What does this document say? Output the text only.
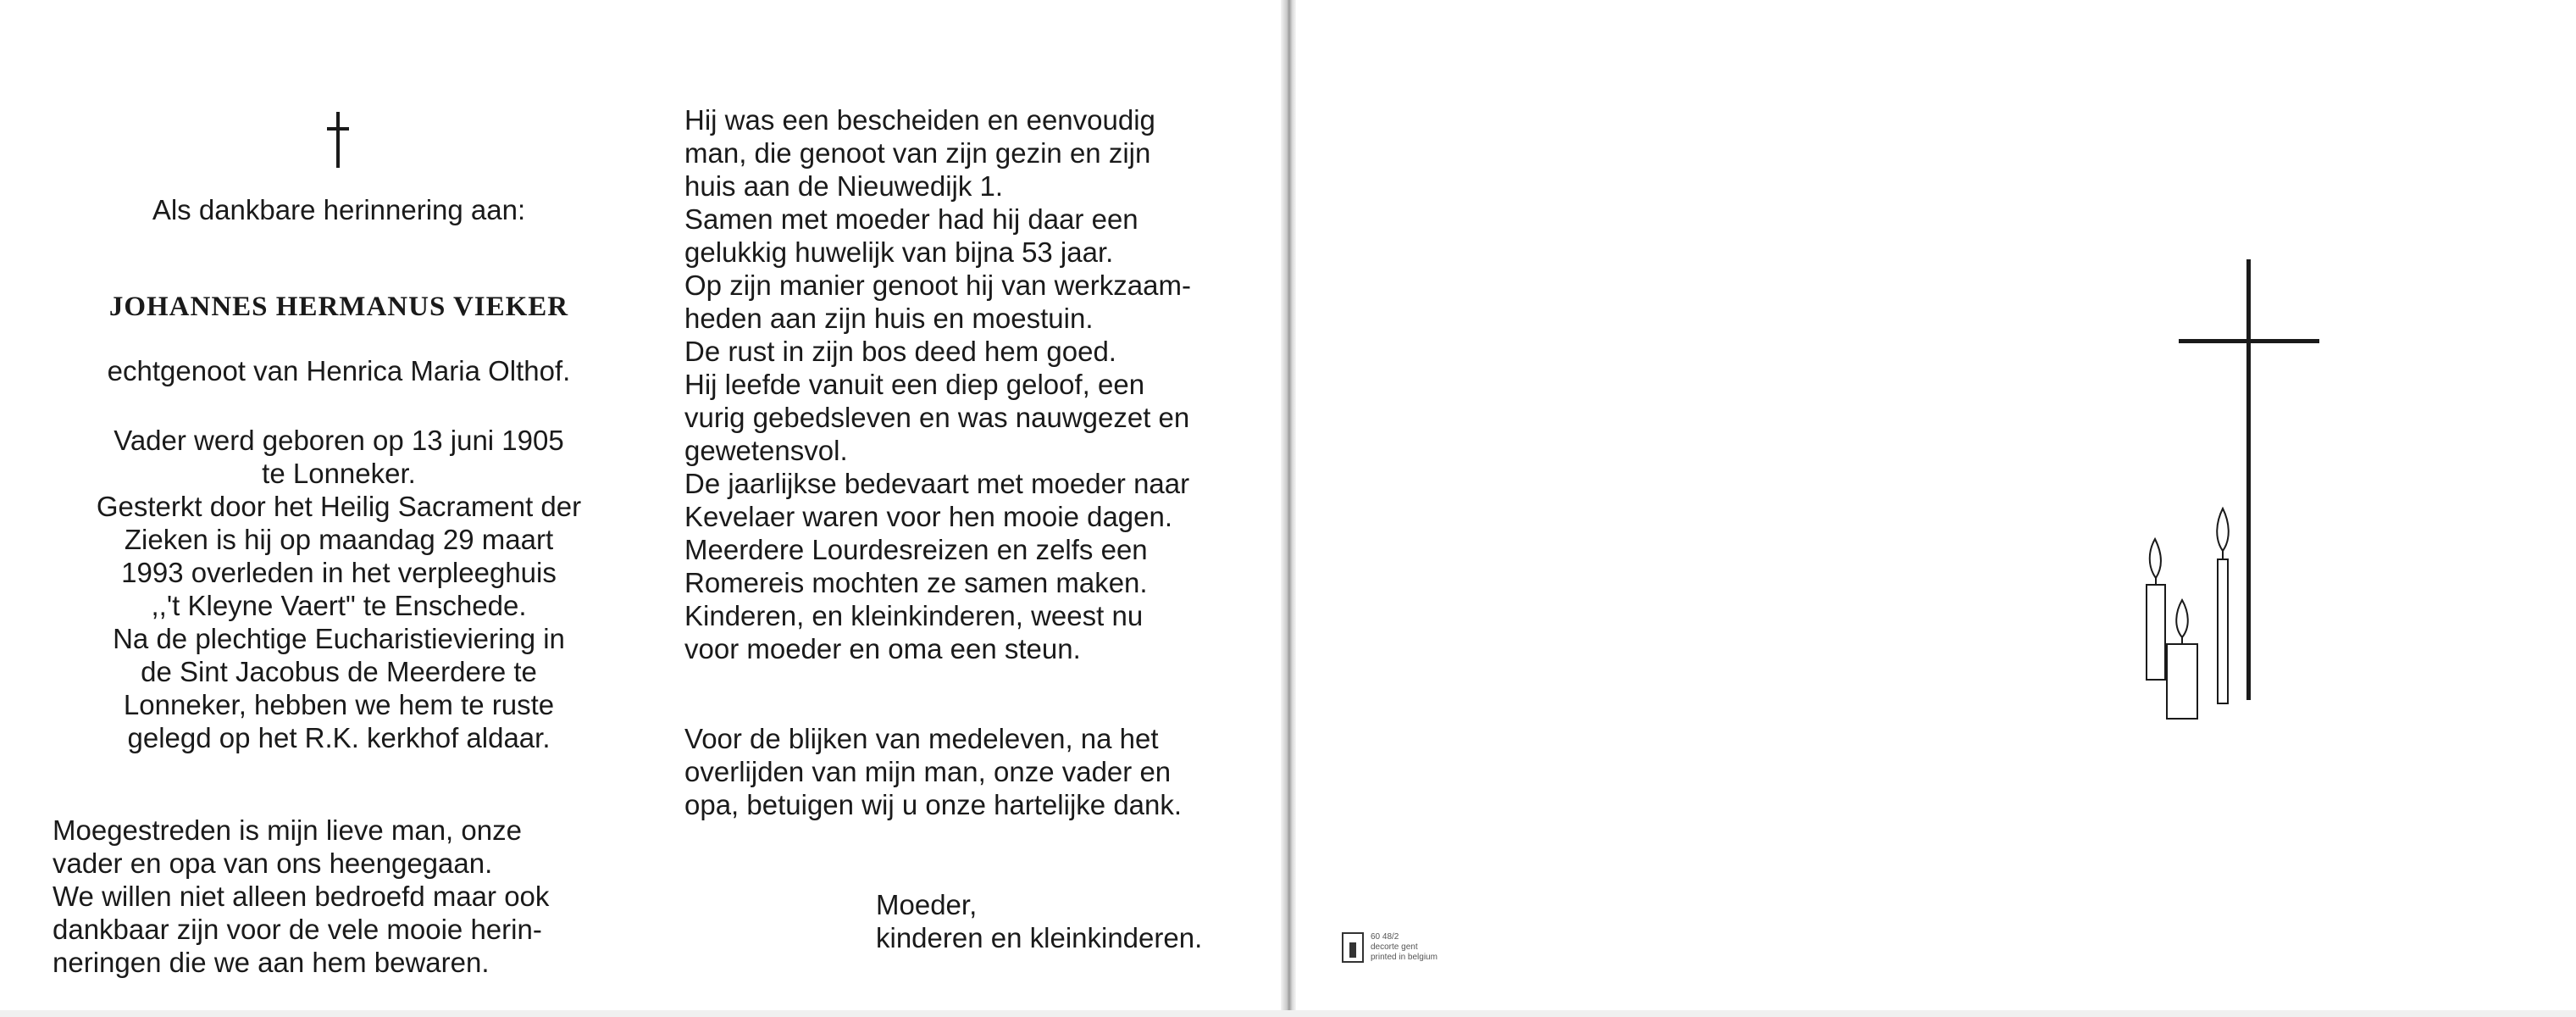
Als dankbare herinnering aan:
JOHANNES HERMANUS VIEKER
echtgenoot van Henrica Maria Olthof.
Vader werd geboren op 13 juni 1905
te Lonneker.
Gesterkt door het Heilig Sacrament der
Zieken is hij op maandag 29 maart
1993 overleden in het verpleeghuis
,,'t Kleyne Vaert" te Enschede.
Na de plechtige Eucharistieviering in
de Sint Jacobus de Meerdere te
Lonneker, hebben we hem te ruste
gelegd op het R.K. kerkhof aldaar.
Moegestreden is mijn lieve man, onze
vader en opa van ons heengegaan.
We willen niet alleen bedroefd maar ook
dankbaar zijn voor de vele mooie herin-
neringen die we aan hem bewaren.
Hij was een bescheiden en eenvoudig
man, die genoot van zijn gezin en zijn
huis aan de Nieuwedijk 1.
Samen met moeder had hij daar een
gelukkig huwelijk van bijna 53 jaar.
Op zijn manier genoot hij van werkzaam-
heden aan zijn huis en moestuin.
De rust in zijn bos deed hem goed.
Hij leefde vanuit een diep geloof, een
vurig gebedsleven en was nauwgezet en
gewetensvol.
De jaarlijkse bedevaart met moeder naar
Kevelaer waren voor hen mooie dagen.
Meerdere Lourdesreizen en zelfs een
Romereis mochten ze samen maken.
Kinderen, en kleinkinderen, weest nu
voor moeder en oma een steun.
Voor de blijken van medeleven, na het
overlijden van mijn man, onze vader en
opa, betuigen wij u onze hartelijke dank.
Moeder,
kinderen en kleinkinderen.	60 48/2
decorte gent
printed in belgium
